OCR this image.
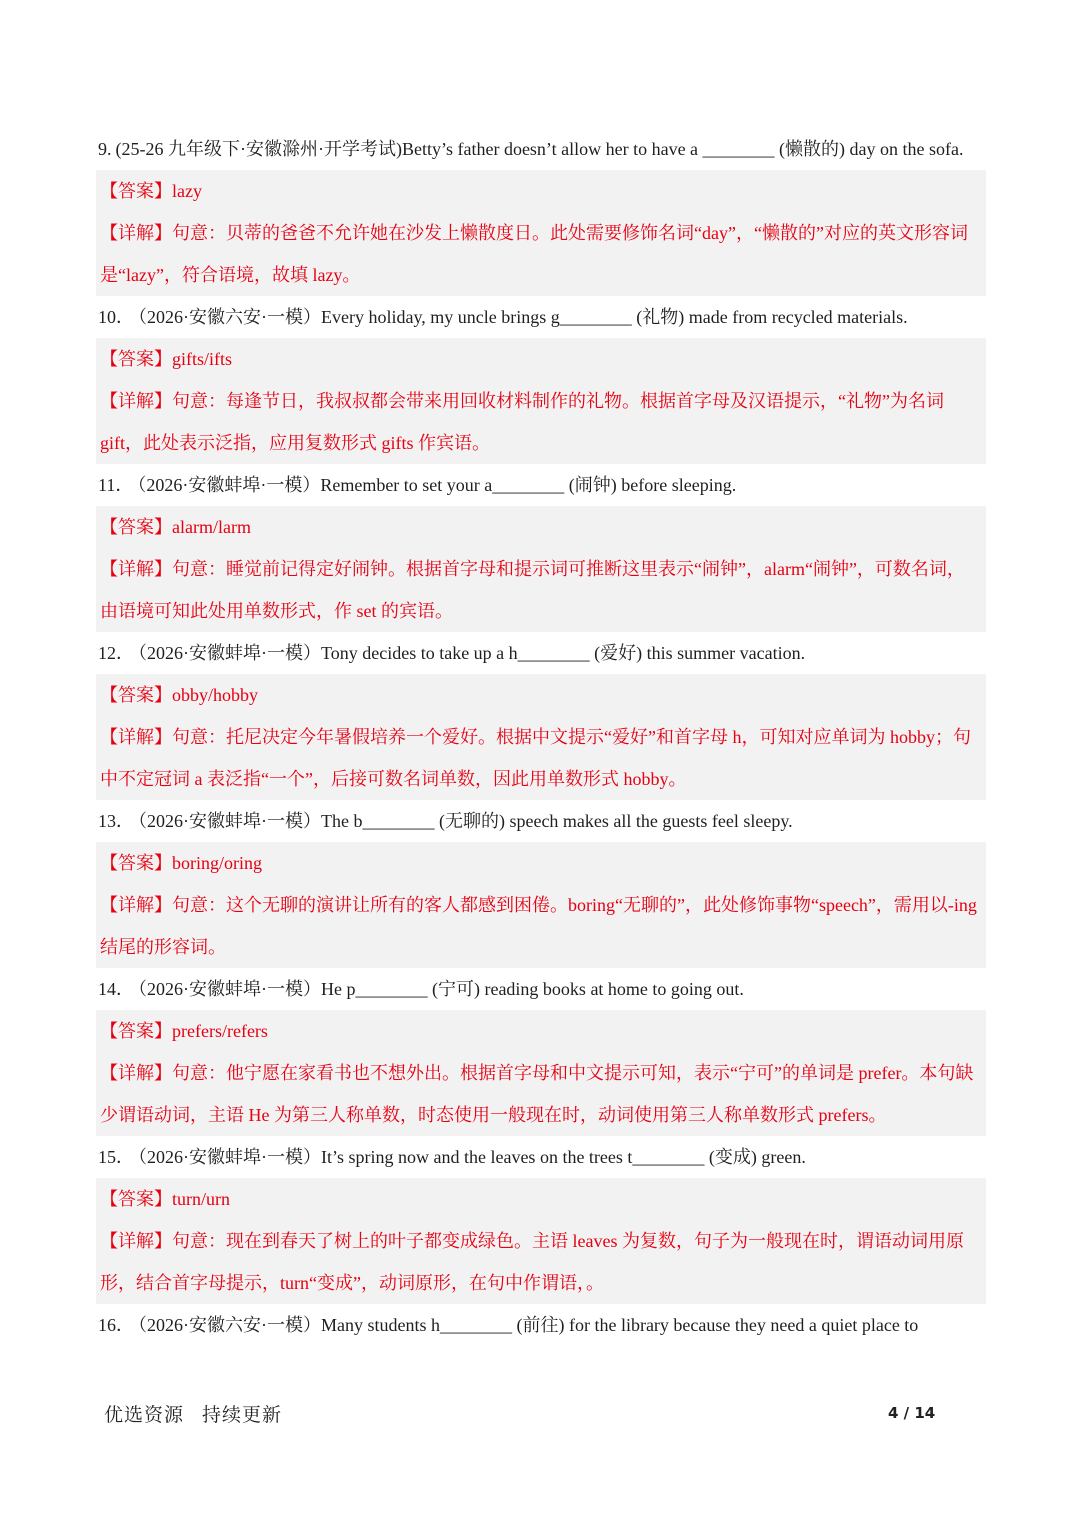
9. (25-26 九年级下·安徽滁州·开学考试)Betty’s father doesn’t allow her to have a ________ (懒散的) day on the sofa.

【答案】lazy

【详解】句意：贝蒂的爸爸不允许她在沙发上懒散度日。此处需要修饰名词“day”，“懒散的”对应的英文形容词是“lazy”，符合语境，故填 lazy。

10． （2026·安徽六安·一模）Every holiday, my uncle brings g________ (礼物) made from recycled materials.

【答案】gifts/ifts

【详解】句意：每逢节日，我叔叔都会带来用回收材料制作的礼物。根据首字母及汉语提示，“礼物”为名词 gift，此处表示泛指，应用复数形式 gifts 作宾语。

11． （2026·安徽蚌埠·一模）Remember to set your a________ (闹钟) before sleeping.

【答案】alarm/larm

【详解】句意：睡觉前记得定好闹钟。根据首字母和提示词可推断这里表示“闹钟”，alarm“闹钟”，可数名词，由语境可知此处用单数形式，作 set 的宾语。

12． （2026·安徽蚌埠·一模）Tony decides to take up a h________ (爱好) this summer vacation.

【答案】obby/hobby

【详解】句意：托尼决定今年暑假培养一个爱好。根据中文提示“爱好”和首字母 h，可知对应单词为 hobby；句中不定冠词 a 表泛指“一个”，后接可数名词单数，因此用单数形式 hobby。

13． （2026·安徽蚌埠·一模）The b________ (无聊的) speech makes all the guests feel sleepy.

【答案】boring/oring

【详解】句意：这个无聊的演讲让所有的客人都感到困倦。boring“无聊的”，此处修饰事物“speech”，需用以-ing 结尾的形容词。

14． （2026·安徽蚌埠·一模）He p________ (宁可) reading books at home to going out.

【答案】prefers/refers

【详解】句意：他宁愿在家看书也不想外出。根据首字母和中文提示可知，表示“宁可”的单词是 prefer。本句缺少谓语动词，主语 He 为第三人称单数，时态使用一般现在时，动词使用第三人称单数形式 prefers。

15． （2026·安徽蚌埠·一模）It’s spring now and the leaves on the trees t________ (变成) green.

【答案】turn/urn

【详解】句意：现在到春天了树上的叶子都变成绿色。主语 leaves 为复数，句子为一般现在时，谓语动词用原形，结合首字母提示，turn“变成”，动词原形，在句中作谓语，。

16． （2026·安徽六安·一模）Many students h________ (前往) for the library because they need a quiet place to

优选资源 持续更新	4 / 14
